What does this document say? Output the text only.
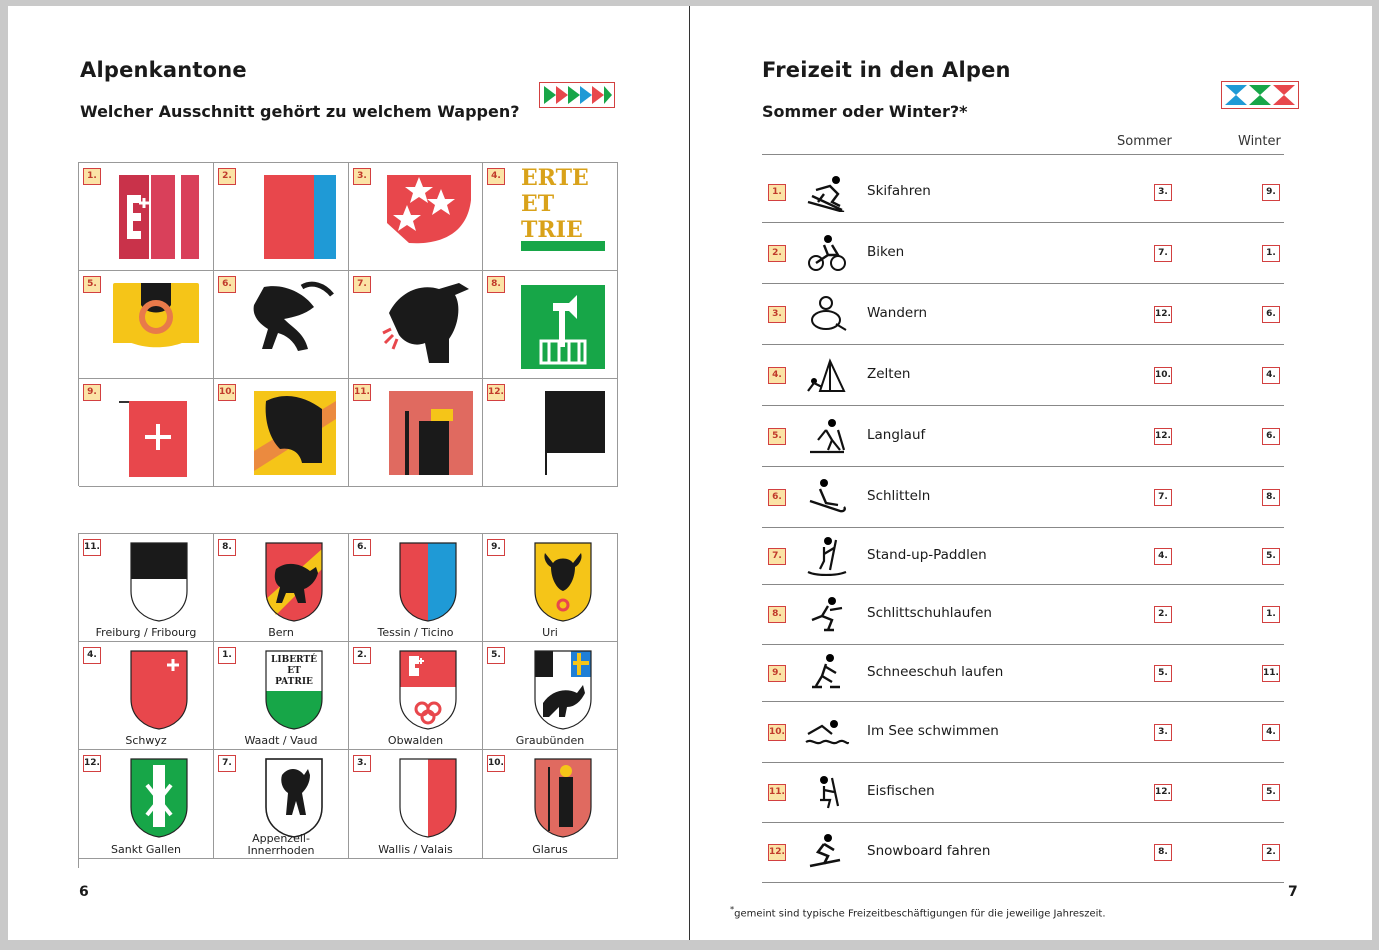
Alpenkantone
Welcher Ausschnitt gehört zu welchem Wappen?
1.	2.	3.	4. ERTE
ET
TRIE
5.	6.	7.	8.
9.	10.	11.	12.
11.
Freiburg / Fribourg
8.
Bern
6.
Tessin / Ticino
9.
Uri
4.
Schwyz
1.	LIBERTÉ
ET
PATRIE
Waadt / Vaud
2.
Obwalden
5.
Graubünden
12.
Sankt Gallen
7.
Appenzell-
Innerrhoden
3.
Wallis / Valais
10.
Glarus
6
Freizeit in den Alpen
Sommer oder Winter?*
Sommer	Winter
1.	Skifahren	3.	9.
2.	Biken	7.	1.
3.	Wandern	12.	6.
4.	Zelten	10.	4.
5.	Langlauf	12.	6.
6.	Schlitteln	7.	8.
7.	Stand-up-Paddlen	4.	5.
8.	Schlittschuhlaufen	2.	1.
9.	Schneeschuh laufen	5.	11.
10.	Im See schwimmen	3.	4.
11.	Eisfischen	12.	5.
12.	Snowboard fahren	8.	2.
7
*gemeint sind typische Freizeitbeschäftigungen für die jeweilige Jahreszeit.
